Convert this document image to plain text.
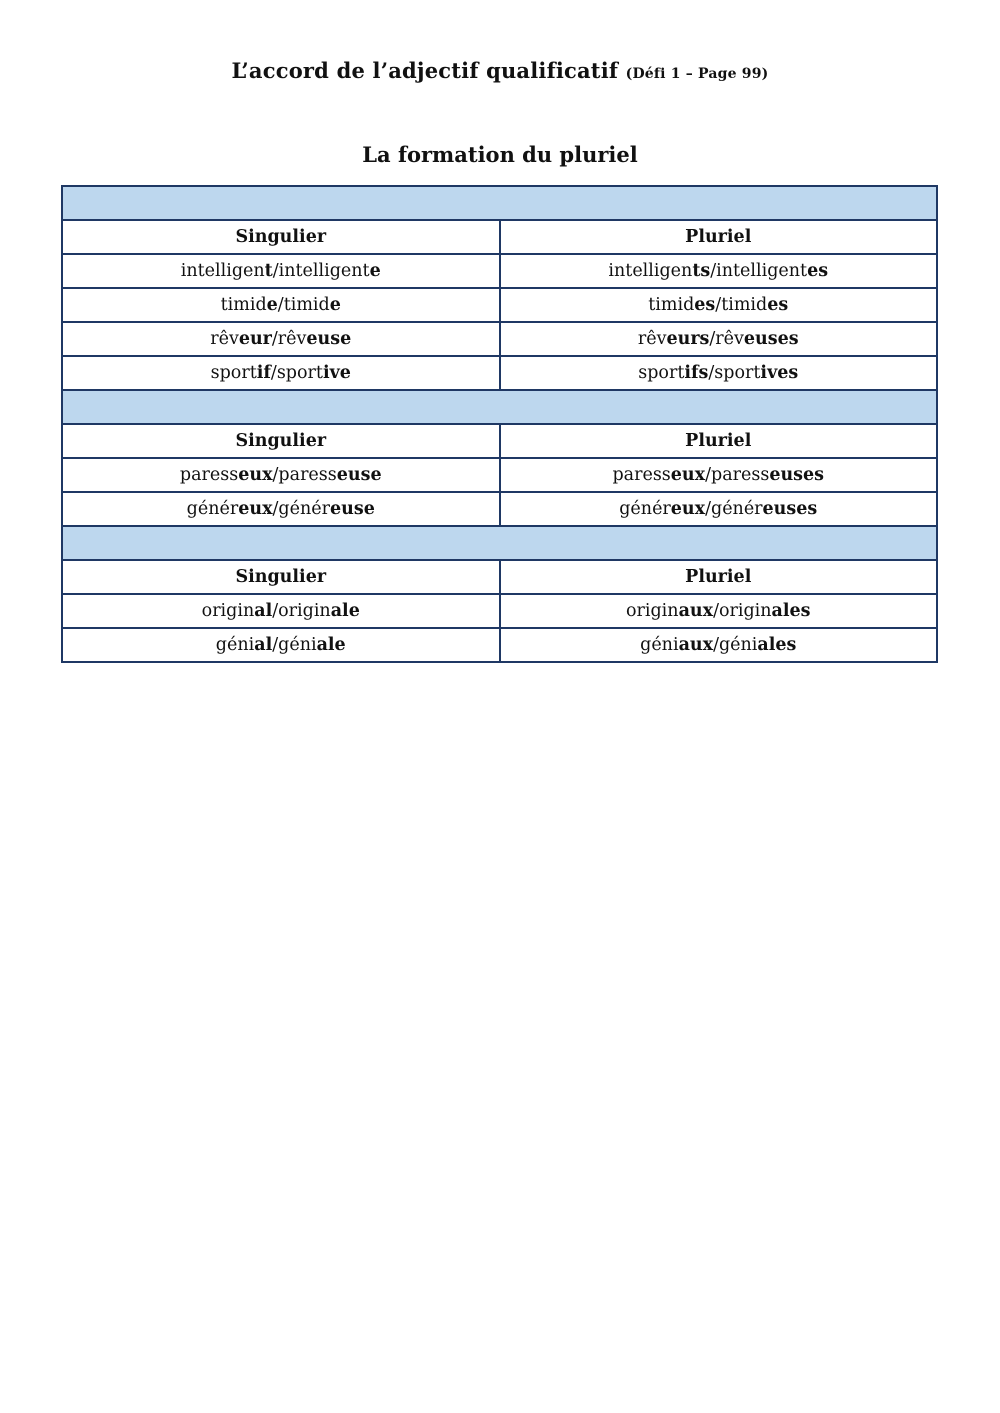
L’accord de l’adjectif qualificatif (Défi 1 – Page 99)
La formation du pluriel

Singulier	Pluriel
intelligent/intelligente	intelligents/intelligentes
timide/timide	timides/timides
rêveur/rêveuse	rêveurs/rêveuses
sportif/sportive	sportifs/sportives

Singulier	Pluriel
paresseux/paresseuse	paresseux/paresseuses
généreux/généreuse	généreux/généreuses

Singulier	Pluriel
original/originale	originaux/originales
génial/géniale	géniaux/géniales
